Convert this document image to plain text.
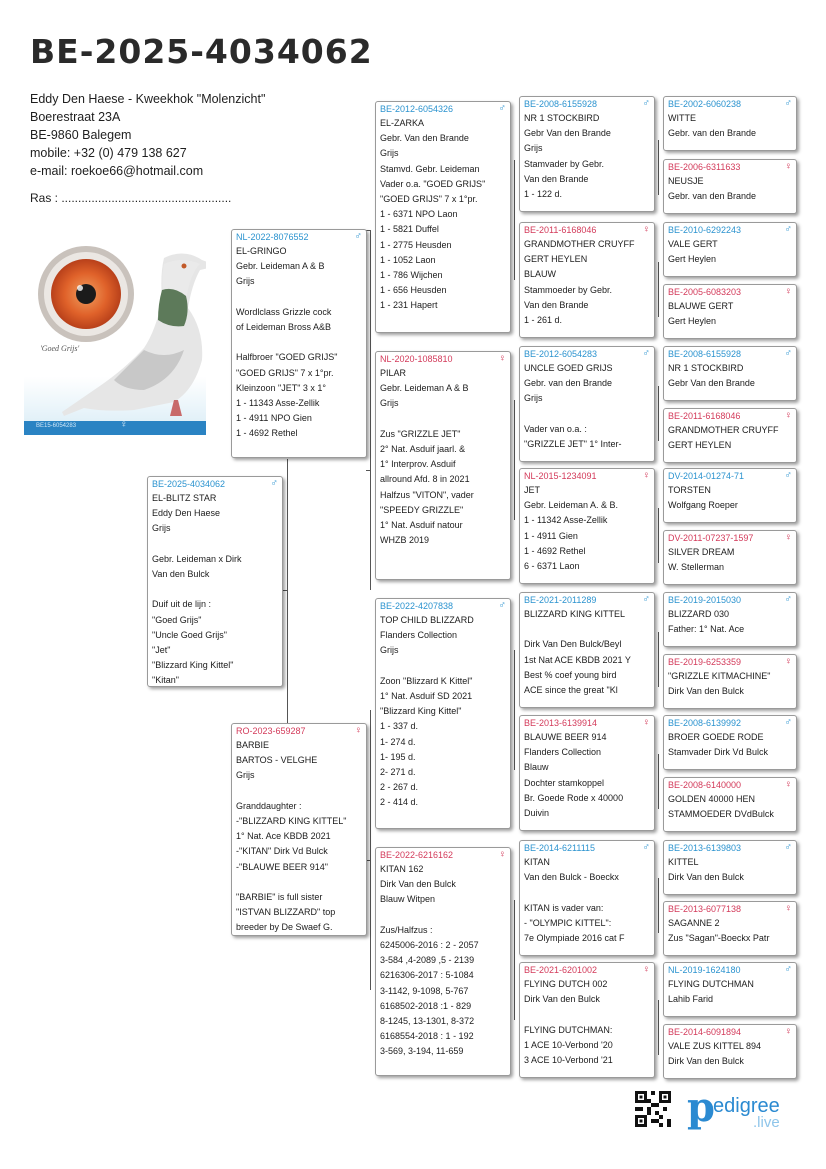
BE-2025-4034062
Eddy Den Haese - Kweekhok "Molenzicht"
Boerestraat 23A
BE-9860 Balegem
mobile: +32 (0) 479 138 627
e-mail: roekoe66@hotmail.com
Ras : ...................................................
'Goed Grijs'
BE15-6054283	♀
BE-2025-4034062	♂
EL-BLITZ STAR
Eddy Den Haese
Grijs
Gebr. Leideman x Dirk
Van den Bulck
Duif uit de lijn :
"Goed Grijs"
"Uncle Goed Grijs"
"Jet"
"Blizzard King Kittel"
"Kitan"
NL-2022-8076552	♂
EL-GRINGO
Gebr. Leideman A & B
Grijs
Wordlclass Grizzle cock
of Leideman Bross A&B
Halfbroer "GOED GRIJS"
"GOED GRIJS" 7 x 1°pr.
Kleinzoon "JET" 3 x 1°
1 - 11343 Asse-Zellik
1 - 4911 NPO Gien
1 - 4692 Rethel
RO-2023-659287	♀
BARBIE
BARTOS - VELGHE
Grijs
Granddaughter :
-"BLIZZARD KING KITTEL"
1° Nat. Ace KBDB 2021
-"KITAN" Dirk Vd Bulck
-"BLAUWE BEER 914"
"BARBIE" is full sister
"ISTVAN BLIZZARD" top
breeder by De Swaef G.
BE-2012-6054326	♂
EL-ZARKA
Gebr. Van den Brande
Grijs
Stamvd. Gebr. Leideman
Vader o.a. "GOED GRIJS"
"GOED GRIJS" 7 x 1°pr.
1 - 6371 NPO Laon
1 - 5821 Duffel
1 - 2775 Heusden
1 - 1052 Laon
1 - 786 Wijchen
1 - 656 Heusden
1 - 231 Hapert
NL-2020-1085810	♀
PILAR
Gebr. Leideman A & B
Grijs
Zus "GRIZZLE JET"
2° Nat. Asduif jaarl. &
1° Interprov. Asduif
allround Afd. 8 in 2021
Halfzus "VITON", vader
"SPEEDY GRIZZLE"
1° Nat. Asduif natour
WHZB 2019
BE-2022-4207838	♂
TOP CHILD BLIZZARD
Flanders Collection
Grijs
Zoon "Blizzard K Kittel"
1° Nat. Asduif SD 2021
"Blizzard King Kittel"
1 - 337 d.
1- 274 d.
1- 195 d.
2- 271 d.
2 - 267 d.
2 - 414 d.
BE-2022-6216162	♀
KITAN 162
Dirk Van den Bulck
Blauw Witpen
Zus/Halfzus :
6245006-2016 : 2 - 2057
3-584 ,4-2089 ,5 - 2139
6216306-2017 : 5-1084
3-1142, 9-1098, 5-767
6168502-2018 :1 - 829
8-1245, 13-1301, 8-372
6168554-2018 : 1 - 192
3-569, 3-194, 11-659
BE-2008-6155928	♂
NR 1 STOCKBIRD
Gebr Van den Brande
Grijs
Stamvader by Gebr.
Van den Brande
1 - 122 d.
BE-2011-6168046	♀
GRANDMOTHER CRUYFF
GERT HEYLEN
BLAUW
Stammoeder by Gebr.
Van den Brande
1 - 261 d.
BE-2012-6054283	♂
UNCLE GOED GRIJS
Gebr. van den Brande
Grijs
Vader van o.a. :
"GRIZZLE JET" 1° Inter-
NL-2015-1234091	♀
JET
Gebr. Leideman A. & B.
1 - 11342 Asse-Zellik
1 - 4911 Gien
1 - 4692 Rethel
6 - 6371 Laon
BE-2021-2011289	♂
BLIZZARD KING KITTEL
Dirk Van Den Bulck/Beyl
1st Nat ACE KBDB 2021 Y
Best % coef young bird
ACE since the great "Kl
BE-2013-6139914	♀
BLAUWE BEER 914
Flanders Collection
Blauw
Dochter stamkoppel
Br. Goede Rode x 40000
Duivin
BE-2014-6211115	♂
KITAN
Van den Bulck - Boeckx
KITAN is vader van:
- "OLYMPIC KITTEL":
7e Olympiade 2016 cat F
BE-2021-6201002	♀
FLYING DUTCH 002
Dirk Van den Bulck
FLYING DUTCHMAN:
1 ACE 10-Verbond '20
3 ACE 10-Verbond '21
BE-2002-6060238	♂
WITTE
Gebr. van den Brande
BE-2006-6311633	♀
NEUSJE
Gebr. van den Brande
BE-2010-6292243	♂
VALE GERT
Gert Heylen
BE-2005-6083203	♀
BLAUWE GERT
Gert Heylen
BE-2008-6155928	♂
NR 1 STOCKBIRD
Gebr Van den Brande
BE-2011-6168046	♀
GRANDMOTHER CRUYFF
GERT HEYLEN
DV-2014-01274-71	♂
TORSTEN
Wolfgang Roeper
DV-2011-07237-1597	♀
SILVER DREAM
W. Stellerman
BE-2019-2015030	♂
BLIZZARD 030
Father: 1° Nat. Ace
BE-2019-6253359	♀
"GRIZZLE KITMACHINE"
Dirk Van den Bulck
BE-2008-6139992	♂
BROER GOEDE RODE
Stamvader Dirk Vd Bulck
BE-2008-6140000	♀
GOLDEN 40000 HEN
STAMMOEDER DVdBulck
BE-2013-6139803	♂
KITTEL
Dirk Van den Bulck
BE-2013-6077138	♀
SAGANNE 2
Zus "Sagan"-Boeckx Patr
NL-2019-1624180	♂
FLYING DUTCHMAN
Lahib Farid
BE-2014-6091894	♀
VALE ZUS KITTEL 894
Dirk Van den Bulck
p
edigree
.live
